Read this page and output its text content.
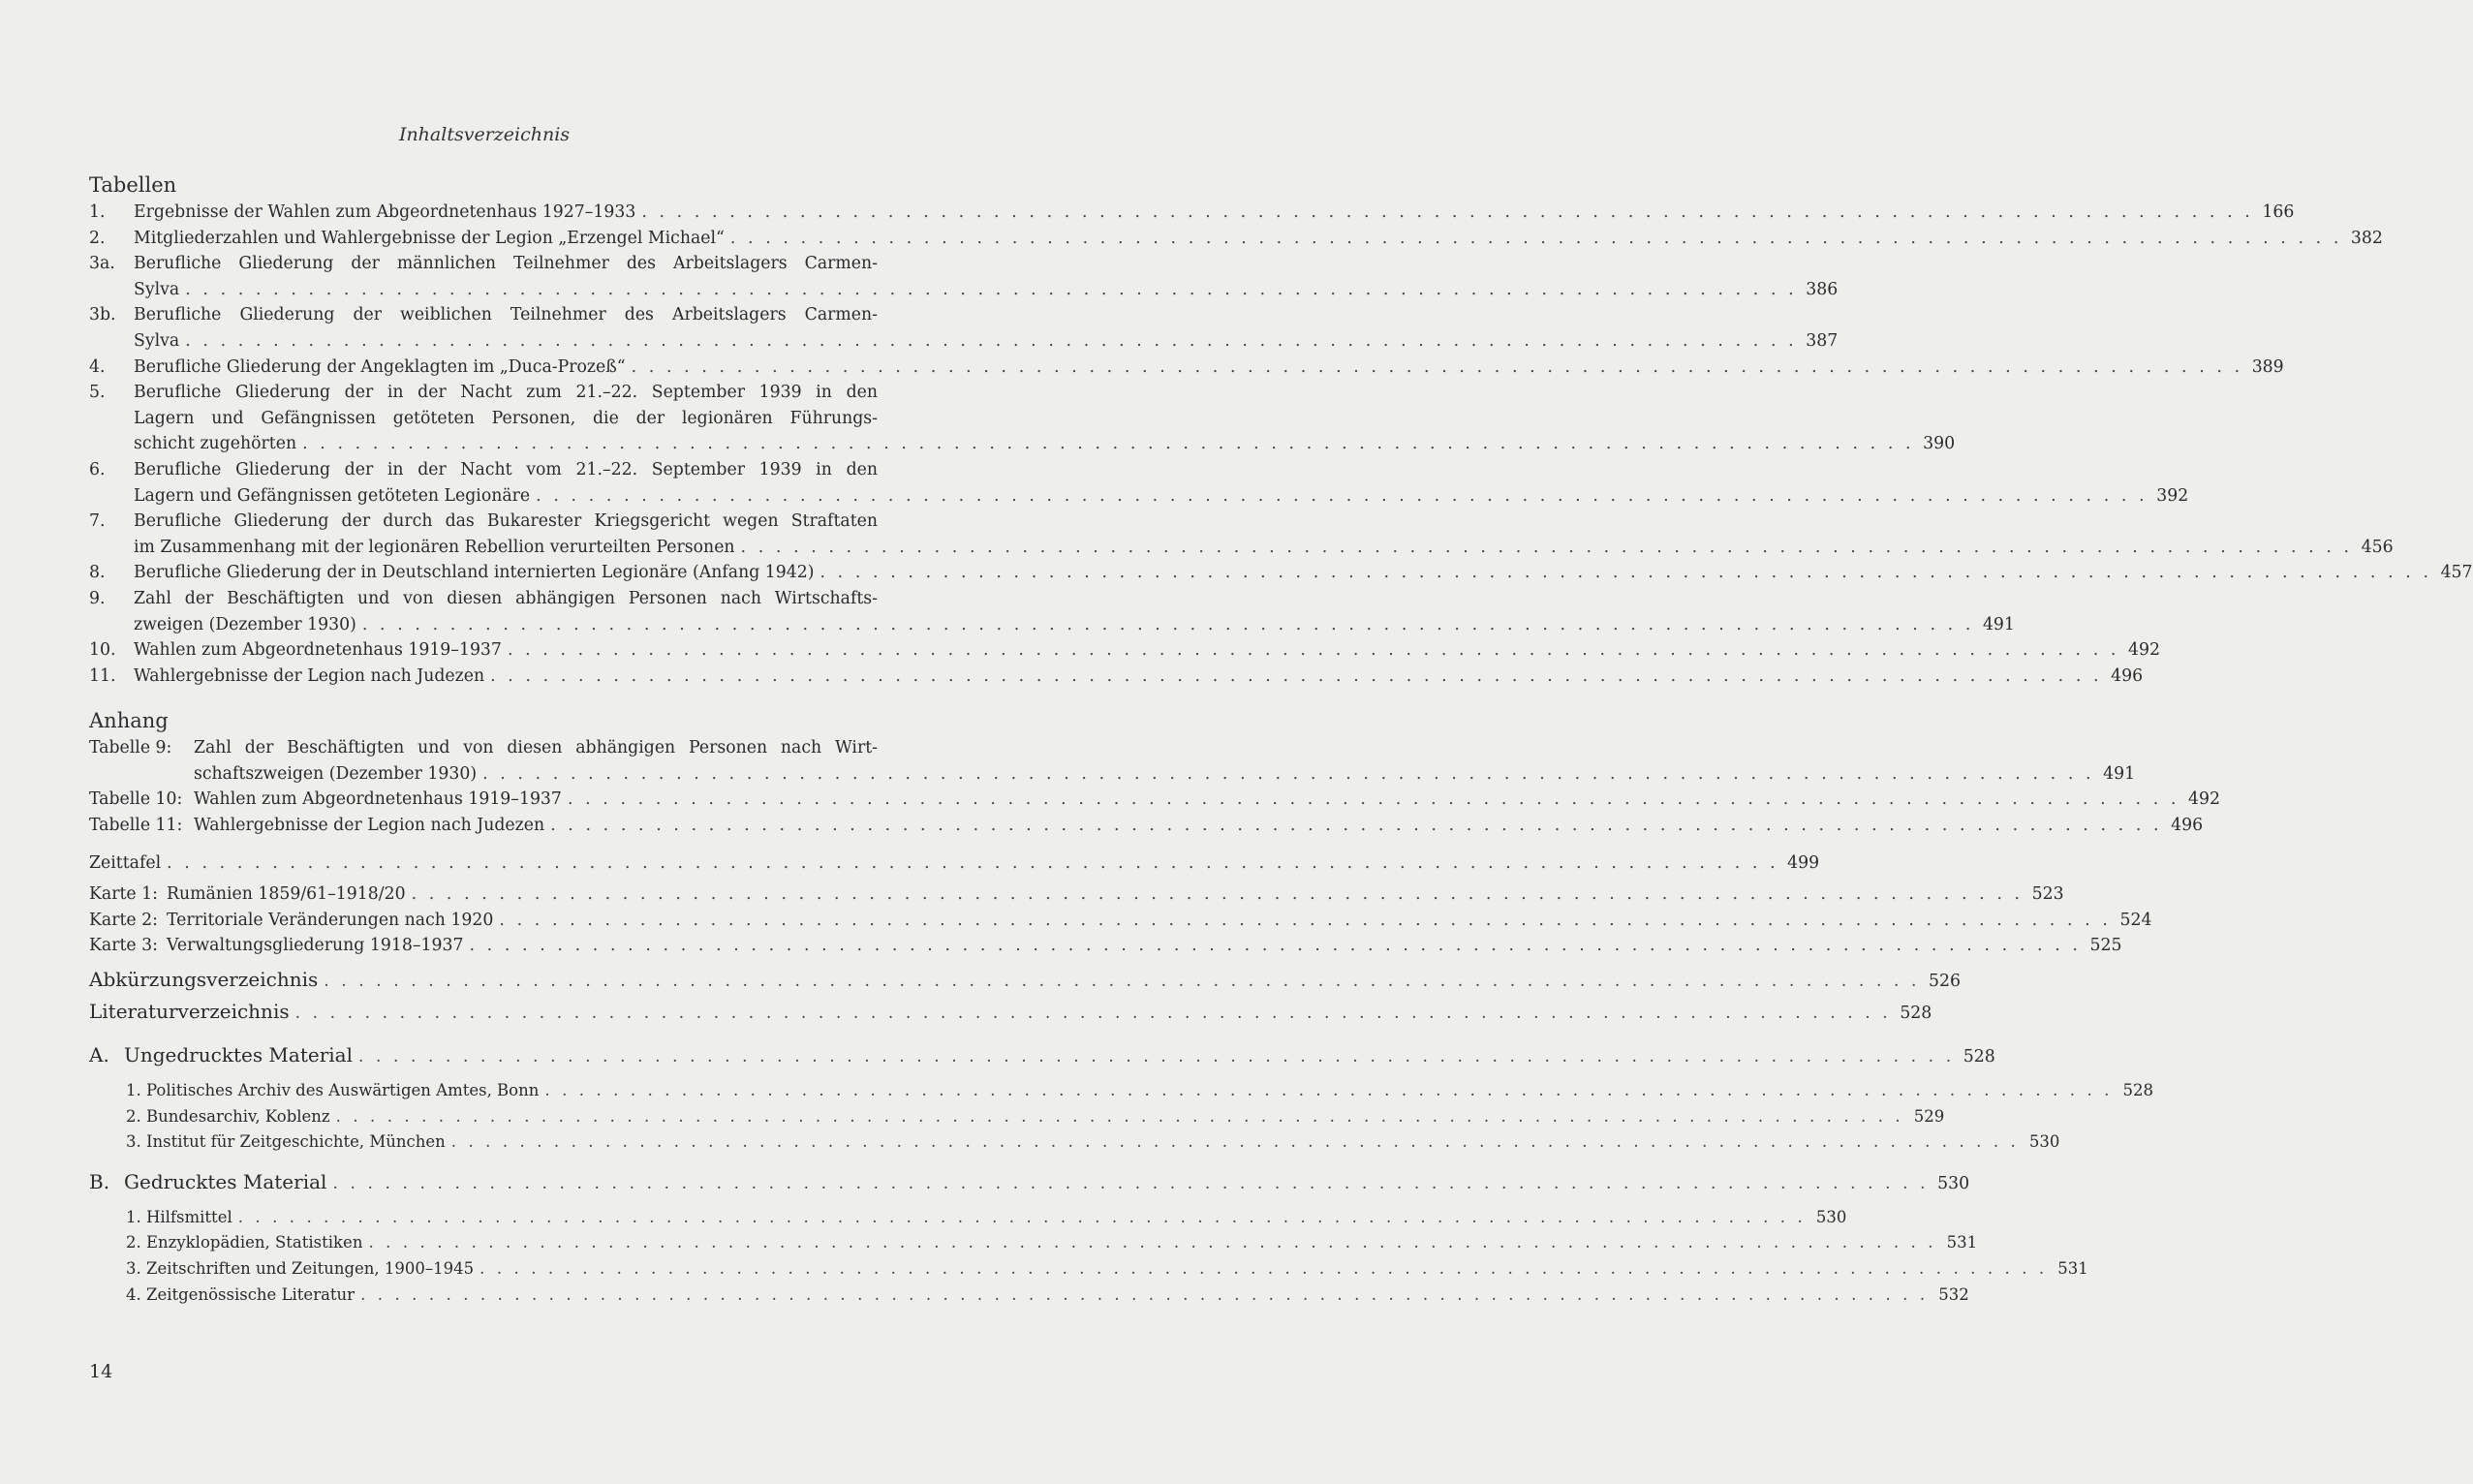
Inhaltsverzeichnis
Tabellen
1.	Ergebnisse der Wahlen zum Abgeordnetenhaus 1927–1933 . . .	166
2.	Mitgliederzahlen und Wahlergebnisse der Legion „Erzengel Michael“ . . .	382
3a.	Berufliche Gliederung der männlichen Teilnehmer des Arbeitslagers Carmen-
Sylva . . .	386
3b.	Berufliche Gliederung der weiblichen Teilnehmer des Arbeitslagers Carmen-
Sylva . . .	387
4.	Berufliche Gliederung der Angeklagten im „Duca-Prozeß“ . . .	389
5.	Berufliche Gliederung der in der Nacht zum 21.–22. September 1939 in den
Lagern und Gefängnissen getöteten Personen, die der legionären Führungs-
schicht zugehörten . . .	390
6.	Berufliche Gliederung der in der Nacht vom 21.–22. September 1939 in den
Lagern und Gefängnissen getöteten Legionäre . . .	392
7.	Berufliche Gliederung der durch das Bukarester Kriegsgericht wegen Straftaten
im Zusammenhang mit der legionären Rebellion verurteilten Personen . . .	456
8.	Berufliche Gliederung der in Deutschland internierten Legionäre (Anfang 1942) . . .	457
9.	Zahl der Beschäftigten und von diesen abhängigen Personen nach Wirtschafts-
zweigen (Dezember 1930) . . .	491
10.	Wahlen zum Abgeordnetenhaus 1919–1937 . . .	492
11.	Wahlergebnisse der Legion nach Judezen . . .	496
Anhang
Tabelle 9:	Zahl der Beschäftigten und von diesen abhängigen Personen nach Wirt-
schaftszweigen (Dezember 1930) . . .	491
Tabelle 10: Wahlen zum Abgeordnetenhaus 1919–1937 . . .	492
Tabelle 11: Wahlergebnisse der Legion nach Judezen . . .	496
Zeittafel . . .	499
Karte 1: Rumänien 1859/61–1918/20 . . .	523
Karte 2: Territoriale Veränderungen nach 1920 . . .	524
Karte 3: Verwaltungsgliederung 1918–1937 . . .	525
Abkürzungsverzeichnis . . .	526
Literaturverzeichnis . . .	528
A. Ungedrucktes Material . . .	528
1. Politisches Archiv des Auswärtigen Amtes, Bonn . . .	528
2. Bundesarchiv, Koblenz . . .	529
3. Institut für Zeitgeschichte, München . . .	530
B. Gedrucktes Material . . .	530
1. Hilfsmittel . . .	530
2. Enzyklopädien, Statistiken . . .	531
3. Zeitschriften und Zeitungen, 1900–1945 . . .	531
4. Zeitgenössische Literatur . . .	532
14
